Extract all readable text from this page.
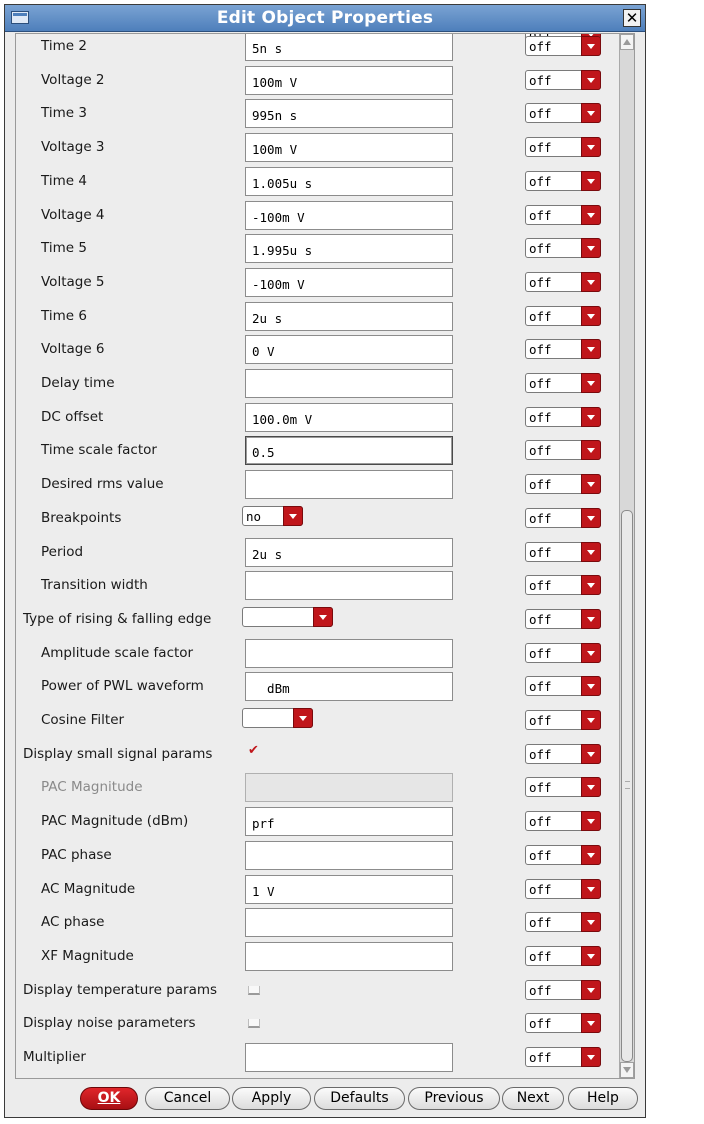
Edit Object Properties	✕
Time 2	5n s	off
Voltage 2	100m V	off
Time 3	995n s	off
Voltage 3	100m V	off
Time 4	1.005u s	off
Voltage 4	-100m V	off
Time 5	1.995u s	off
Voltage 5	-100m V	off
Time 6	2u s	off
Voltage 6	0 V	off
Delay time	off
DC offset	100.0m V	off
Time scale factor	0.5	off
Desired rms value	off
Breakpoints	no	off
Period	2u s	off
Transition width	off
Type of rising & falling edge	off
Amplitude scale factor	off
Power of PWL waveform	dBm	off
Cosine Filter	off
Display small signal params
✔	off
PAC Magnitude	off
PAC Magnitude (dBm)	prf	off
PAC phase	off
AC Magnitude	1 V	off
AC phase	off
XF Magnitude	off
Display temperature params	off
Display noise parameters	off
Multiplier	off
OK	Cancel	Apply	Defaults	Previous	Next	Help
